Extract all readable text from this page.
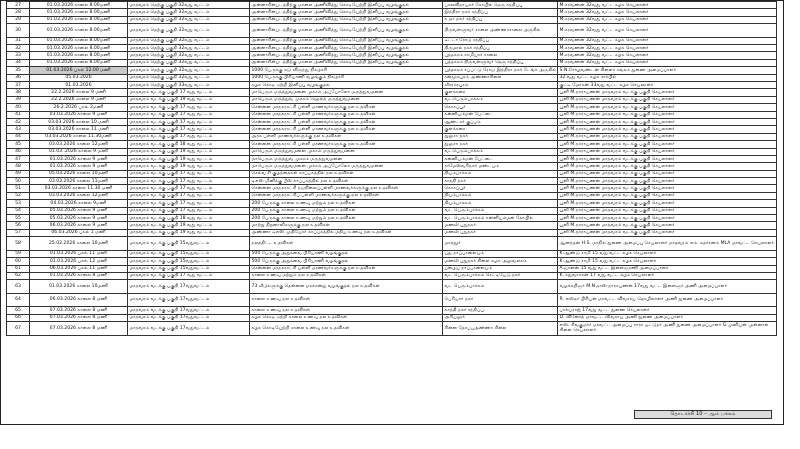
27	01.03.2026 காலை 8.00மணி	மாதவரம் தெற்கு பகுதி 32வது வட்டம்	அன்னாரின்படத்திற்கு மாலை அணிவித்து கொடியேற்றி இனிப்பு வழங்குதல்	பாலவிநாயகர் கோயில் தெரு சந்திப்பு	M.சரவணன் 32வது வட்ட கழக செயலாளர்
28	01.03.2026 காலை 8.00மணி	மாதவரம் தெற்கு பகுதி 32வது வட்டம்	அன்னாரின்படத்திற்கு மாலை அணிவித்து கொடியேற்றி இனிப்பு வழங்குதல்	இந்திரா நகர் சந்திப்பு	M.சரவணன் 32வது வட்ட கழக செயலாளர்
29	01.03.2026 காலை 8.00மணி	மாதவரம் தெற்கு பகுதி 32வது வட்டம்	அன்னாரின்படத்திற்கு மாலை அணிவித்து கொடியேற்றி இனிப்பு வழங்குதல்	உமா நகர் சந்திப்பு	M.சரவணன் 32வது வட்ட கழக செயலாளர்
30	01.03.2026 காலை 8.00மணி	மாதவரம் தெற்கு பகுதி 32வது வட்டம்	அன்னாரின்படத்திற்கு மாலை அணிவித்து கொடியேற்றி இனிப்பு வழங்குதல்	திருவள்ளுவர் சாலை அண்ணாசாலை அருகில்	M.சரவணன் 32வது வட்ட கழக செயலாளர்
31	01.03.2026 காலை 8.00மணி	மாதவரம் தெற்கு பகுதி 32வது வட்டம்	அன்னாரின்படத்திற்கு மாலை அணிவித்து கொடியேற்றி இனிப்பு வழங்குதல்	டீட்டா ரோடு சந்திப்பு	M.சரவணன் 32வது வட்ட கழக செயலாளர்
32	01.03.2026 காலை 8.00மணி	மாதவரம் தெற்கு பகுதி 32வது வட்டம்	அன்னாரின்படத்திற்கு மாலை அணிவித்து கொடியேற்றி இனிப்பு வழங்குதல்	திருமால் நகர் சந்திப்பு	M.சரவணன் 32வது வட்ட கழக செயலாளர்
33	01.03.2026 காலை 8.00மணி	மாதவரம் தெற்கு பகுதி 32வது வட்டம்	அன்னாரின்படத்திற்கு மாலை அணிவித்து கொடியேற்றி இனிப்பு வழங்குதல்	புத்தகரம் சாமியார் சாலை	M.சரவணன் 32வது வட்ட கழக செயலாளர்
34	01.03.2026 காலை 8.00மணி	மாதவரம் தெற்கு பகுதி 32வது வட்டம்	அன்னாரின்படத்திற்கு மாலை அணிவித்து கொடியேற்றி இனிப்பு வழங்குதல்	புத்தகரம் திருவள்ளுவர் தெரு சந்திப்பு	M.சரவணன் 32வது வட்ட கழக செயலாளர்
35	01.03.2026 பகல் 12.00 மணி	மாதவரம் தெற்கு பகுதி 32வது வட்டம்	1000 பேருக்கு சுடு விருந்து நிகழ்ச்சி	புத்தகரம் சப்பட்டு ரோடு இந்திரா நகர் டேங்க் அருகில்	S.N.சோழவண்டன் கிளைச் சங்கம் துணை அமைப்பாளர்
36	05.03.2026	மாதவரம் தெற்கு பகுதி 32வது வட்டம்	1000 பேருக்கு பிரியாணி வழங்கும் நிகழ்ச்சி	சன்மூகபுரம் அண்ணாசிலை	32 வது வட்ட கழக சார்பில்
37	01.03.2026	மாதவரம் தெற்கு பகுதி 33வது வட்டம்	கழக கொடி ஏற்றி இனிப்பு வழங்குதல்	வீரராகபுரம்	குட்டி மோகன் 33வது வட்ட கழக செயலாளர்
38	22.2.2026 காலை 9 மணி	மாதவரம் வடக்கு பகுதி 17 வது வட்டம்	மாபெரும் மருத்துவமனை முகாம் அப்போலோ மருத்துவமனை	குளக்கரை	பூனி M.நாராயணன் மாதவரம் வடக்கு பகுதி செயலாளர்
39	22.2.2026 காலை 9 மணி	மாதவரம் வடக்கு பகுதி 19 வது வட்டம்	மாபெரும் மருத்துவ முகாம் ஹெல்த் மருத்துவமனை	வடபெரும்பாக்கம்	பூனி M.நாராயணன் மாதவரம் வடக்கு பகுதி செயலாளர்
40	26.2.2026 பகல் 2மணி	மாதவரம் வடக்கு பகுதி 17 வது வட்டம்	சென்னை மாநகராட்சி பள்ளி மாணவர்களுக்கு நல உதவிகள்	கொசப்பூர்	பூனி M.நாராயணன் மாதவரம் வடக்கு பகுதி செயலாளர்
41	03.03.2026 காலை 9 மணி	மாதவரம் வடக்கு பகுதி 17 வது வட்டம்	சென்னை மாநகராட்சி பள்ளி மாணவர்களுக்கு நல உதவிகள்	கன்னியம்மன் பேட்டை	பூனி M.நாராயணன் மாதவரம் வடக்கு பகுதி செயலாளர்
42	03.03.2026 காலை 10 மணி	மாதவரம் வடக்கு பகுதி 17 வது வட்டம்	சென்னை மாநகராட்சி பள்ளி மாணவர்களுக்கு நல உதவிகள்	ஆண்டார் குப்பம்	பூனி M.நாராயணன் மாதவரம் வடக்கு பகுதி செயலாளர்
43	03.03.2026 காலை 11 மணி	மாதவரம் வடக்கு பகுதி 17 வது வட்டம்	சென்னை மாநகராட்சி பள்ளி மாணவர்களுக்கு நல உதவிகள்	குளக்கரை	பூனி M.நாராயணன் மாதவரம் வடக்கு பகுதி செயலாளர்
44	03.03.2026 காலை 11.30மணி	மாதவரம் வடக்கு பகுதி 17 வது வட்டம்	அரசு பள்ளி மாணவர்களுக்கு நல உதவிகள்	துலுசா நகர்	பூனி M.நாராயணன் மாதவரம் வடக்கு பகுதி செயலாளர்
45	03.03.2026 காலை 12மணி	மாதவரம் வடக்கு பகுதி 18 வது வட்டம்	சென்னை மாநகராட்சி பள்ளி மாணவர்களுக்கு நல உதவிகள்	துலுசா நகர்	பூனி M.நாராயணன் மாதவரம் வடக்கு பகுதி செயலாளர்
46	01.03..2026 காலை 9 மணி	மாதவரம் வடக்கு பகுதி 19 வது வட்டம்	மாபெரும் மருத்துவமனை முகாம் மருத்துவமனை	வடபெரும்பாக்கம்	பூனி M.நாராயணன் மாதவரம் வடக்கு பகுதி செயலாளர்
47	01.03.2026 காலை 9 மணி	மாதவரம் வடக்கு பகுதி 19 வது வட்டம்	மாபெரும் மருத்துவ முகாம் மருத்துவமனை	கன்னியம்மன் பேட்டை	பூனி M.நாராயணன் மாதவரம் வடக்கு பகுதி செயலாளர்
48	01.03.2026 காலை 9 மணி	மாதவரம் வடக்கு பகுதி 19 வது வட்டம்	மாபெரும் மருத்துவமனை முகாம் அப்போலோ மருத்துவமனை	ராமேஸ்வரிநகர் மண்டபம்	பூனி M.நாராயணன் மாதவரம் வடக்கு பகுதி செயலாளர்
49	05.03.2026 காலை 10மணி	மாதவரம் வடக்கு பகுதி 17 வது வட்டம்	செல்வ சி குழந்தைகள் காப்பகத்தில் நல உதவிகள்	தியம்பாக்கம்	பூனி M.நாராயணன் மாதவரம் வடக்கு பகுதி செயலாளர்
50	03.03.2026 காலை 11மணி	மாதவரம் வடக்கு பகுதி 17 வது வட்டம்	டிஎஸ் மினிக்கு பீஸ் காப்பகத்தில் நல உதவிகள்	சாந்தி நகர்	பூனி M.நாராயணன் மாதவரம் வடக்கு பகுதி செயலாளர்
51	03.03.2026 காலை 11.30 மணி	மாதவரம் வடக்கு பகுதி 17 வது வட்டம்	சென்னை மாநகராட்சி நடுநிலைப்பள்ளி மாணவர்களுக்கு நல உதவிகள்	கொசப்பூர்	பூனி M.நாராயணன் மாதவரம் வடக்கு பகுதி செயலாளர்
52	03.03.2026 காலை 12மணி	மாதவரம் வடக்கு பகுதி 17 வது வட்டம்	சென்னை மாநகராட்சிப் பள்ளி மாணவர்களுக்கு நல உதவிகள்	தியம்பாக்கம்	பூனி M.நாராயணன் மாதவரம் வடக்கு பகுதி செயலாளர்
53	04.03.2026 காலை 9மணி	மாதவரம் வடக்கு பகுதி 17 வது வட்டம்	200 பேருக்கு காலை உணவு மற்றும் நல உதவிகள்	தியம்பாக்கம்	பூனி M.நாராயணன் மாதவரம் வடக்கு பகுதி செயலாளர்
54	05.03.2026 காலை 9 மணி	மாதவரம் வடக்கு பகுதி 17 வது வட்டம்	200 பேருக்கு காலை உணவு மற்றும் நல உதவிகள்	வட பெரும்பாக்கம்	பூனி M.நாராயணன் மாதவரம் வடக்கு பகுதி செயலாளர்
55	05.03.2026 காலை 9 மணி	மாதவரம் வடக்கு பகுதி 18 வது வட்டம்	200 பேருக்கு காலை உணவு மற்றும் நல உதவிகள்	வட பெரும்பாக்கம் கன்னியம்மன் கோயில்	பூனி M.நாராயணன் மாதவரம் வடக்கு பகுதி செயலாளர்
56	06.03.2026 காலை 9 மணி	மாதவரம் வடக்கு பகுதி 19 வது வட்டம்	மாற்று திறனாளிகளுக்கு நல உதவிகள்	மணலி புதுநகர்	பூனி M.நாராயணன் மாதவரம் வடக்கு பகுதி செயலாளர்
57	06.03.2026 பகல் 1 மணி	மாதவரம் வடக்கு பகுதி 19 வது வட்டம்	அண்ணா டிஎஸ் முதியோர் காப்பகத்தில் மதிய உணவு நல உதவிகள்	மணலி புதுநகர்	பூனி M.நாராயணன் மாதவரம் வடக்கு பகுதி செயலாளர்
58	25.02.2026 காலை 10மணி	மாதவரம் வடக்கு பகுதி 15வதுவட்டம்	நலத்திட்ட உதவிகள்	மாத்தூர்	ஆனந்தன் H.S. மாநில் துணை அமைப்பு செயலாளர் மாதவரம் எம். சுதர்சனம் MLA மாவட்ட செயலாளர்
59	01.03.2026 பகல் 11 மணி	மாதவரம் வடக்கு பகுதி 15வதுவட்டம்	500 பேருக்கு அறுசுவை பிரியாணி வழங்குதல்	புது நாப்பாளையம்	K.ஆண்டு சாமி 15 வது வட்ட கழக செயலாளர்
60	01.03.2026 பகல் 12 மணி	மாதவரம் வடக்கு பகுதி 15வதுவட்டம்	500 பேருக்கு அறுசுவை பிரியாணி வழங்குதல்	மணலி புதுநகர் கிளை கழக அலுவலகம்	K.ஆண்டு சாமி 15 வது வட்ட கழக செயலாளர்
61	06.03.2026 பகல் 11 மணி	மாதவரம் வடக்கு பகுதி 15வதுவட்டம்	சென்னை மாநகராட்சி பள்ளி மாணவர்களுக்கு நல உதவிகள்	பழைய நாப்பாளையம்	A.ஜானன் 15 வது வட்ட இளைஞரணி அமைப்பாளர்
62	01.03.2026 காலை 8 மணி	மாதவரம் வடக்கு பகுதி 17 வது வட்டம்	காலை உணவு மற்றும் நல உதவிகள்	வட பெரும்பாக்கம் செட்டியேடு நகர்	K. சதுவாகான் 17 வது வட்ட கழக செயலாளர்
63	01.03.2026 காலை 10மணி	மாதவரம் வடக்கு பகுதி 17வதுவட்டம்	73 வீடுகளுக்கு தென்னை மரக்கன்று வழங்குதல் நல உதவிகள்	வட பெரும்பாக்கம்	வழக்கறிஞர் M.N.தாஸ் நாராயணன் 17வது வட்ட இளைஞர் அணி அமைப்பாளர்
64	06.03.2026 காலை 8 மணி	மாதவரம் வடக்கு பகுதி 17வதுவட்டம்	காலை உணவு நல உதவிகள்	பெரியார் நகர்	R. எஸ்தர் பிரியன் மாவட்ட விவசாய தொழிலாளர் அணி துணை அமைப்பாளர்
65	07.03.2026 காலை 8 மணி	மாதவரம் வடக்கு பகுதி 17வதுவட்டம்	காலை உணவு நல உதவிகள்	காந்தி நகர் சந்திப்பு	பாக்யராஜ் 17வது வட்ட துணை செயலாளர்
66	07.03.2026 காலை 8 மணி	மாதவரம் வடக்கு பகுதி 17வதுவட்டம்	கழக கொடி ஏற்றி காலை உணவு நல உதவிகள்	அரியலூர்	D. வினோத் மாவட்ட விவசாய அணி துணை அமைப்பாளர்
67	07.03.2026 காலை 8 மணி	மாதவரம் வடக்கு பகுதி 17வதுவட்டம்	கழக கொடியேற்றி காலை உணவு நல உதவிகள்	சின்ன தோப்புஅண்ணா சிலை	எஸ். சிவகுமார் மாவட்ட அமைப்பு சாரா ஓட்டுநர் அணி துணை அமைப்பாளர் G.முனியன் முன்னாள் கிளை செயலாளர்
தொடர்ச்சி 10 – ஆம் பக்கம்
